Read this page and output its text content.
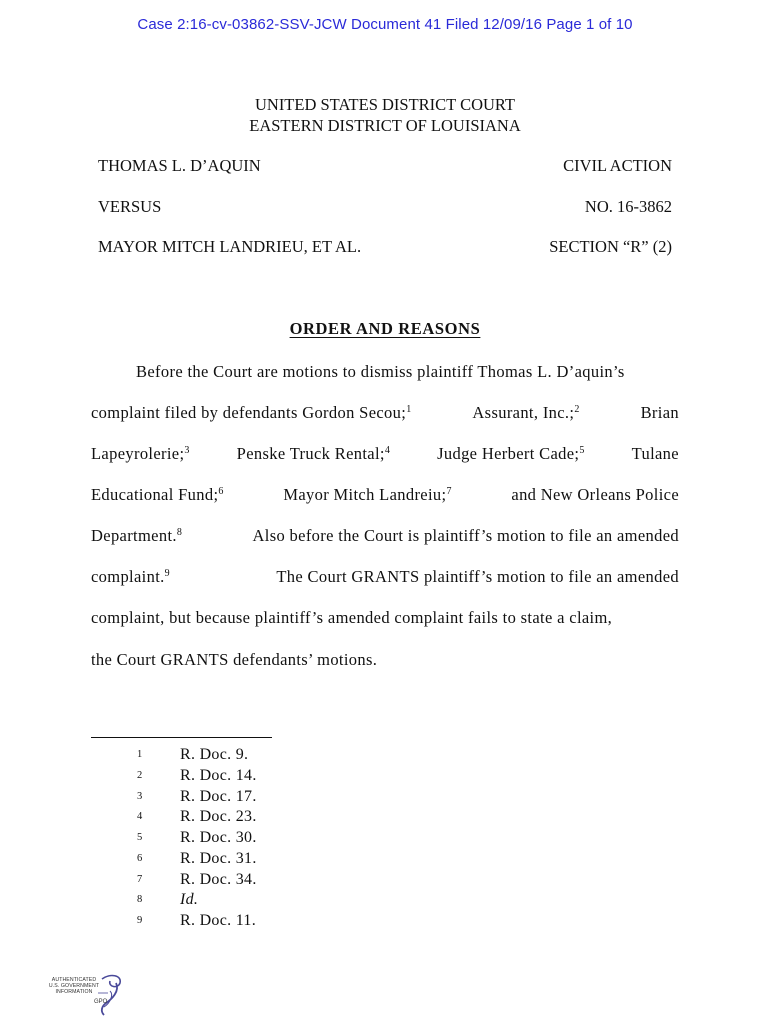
Case 2:16-cv-03862-SSV-JCW Document 41 Filed 12/09/16 Page 1 of 10
UNITED STATES DISTRICT COURT
EASTERN DISTRICT OF LOUISIANA
THOMAS L. D’AQUIN	CIVIL ACTION
VERSUS	NO. 16-3862
MAYOR MITCH LANDRIEU, ET AL.	SECTION “R” (2)
ORDER AND REASONS
Before the Court are motions to dismiss plaintiff Thomas L. D’aquin’s
complaint filed by defendants Gordon Secou;$^1$	Assurant, Inc.;$^2$	Brian
Lapeyrolerie;$^3$	Penske Truck Rental;$^4$	Judge Herbert Cade;$^5$	Tulane
Educational Fund;$^6$	Mayor Mitch Landreiu;$^7$	and New Orleans Police
Department.$^8$	Also before the Court is plaintiff’s motion to file an amended
complaint.$^9$	The Court GRANTS plaintiff’s motion to file an amended
complaint, but because plaintiff’s amended complaint fails to state a claim,
the Court GRANTS defendants’ motions.
1	R. Doc. 9.
2	R. Doc. 14.
3	R. Doc. 17.
4	R. Doc. 23.
5	R. Doc. 30.
6	R. Doc. 31.
7	R. Doc. 34.
8	Id.
9	R. Doc. 11.
AUTHENTICATED
U.S. GOVERNMENT
INFORMATION
GPO
